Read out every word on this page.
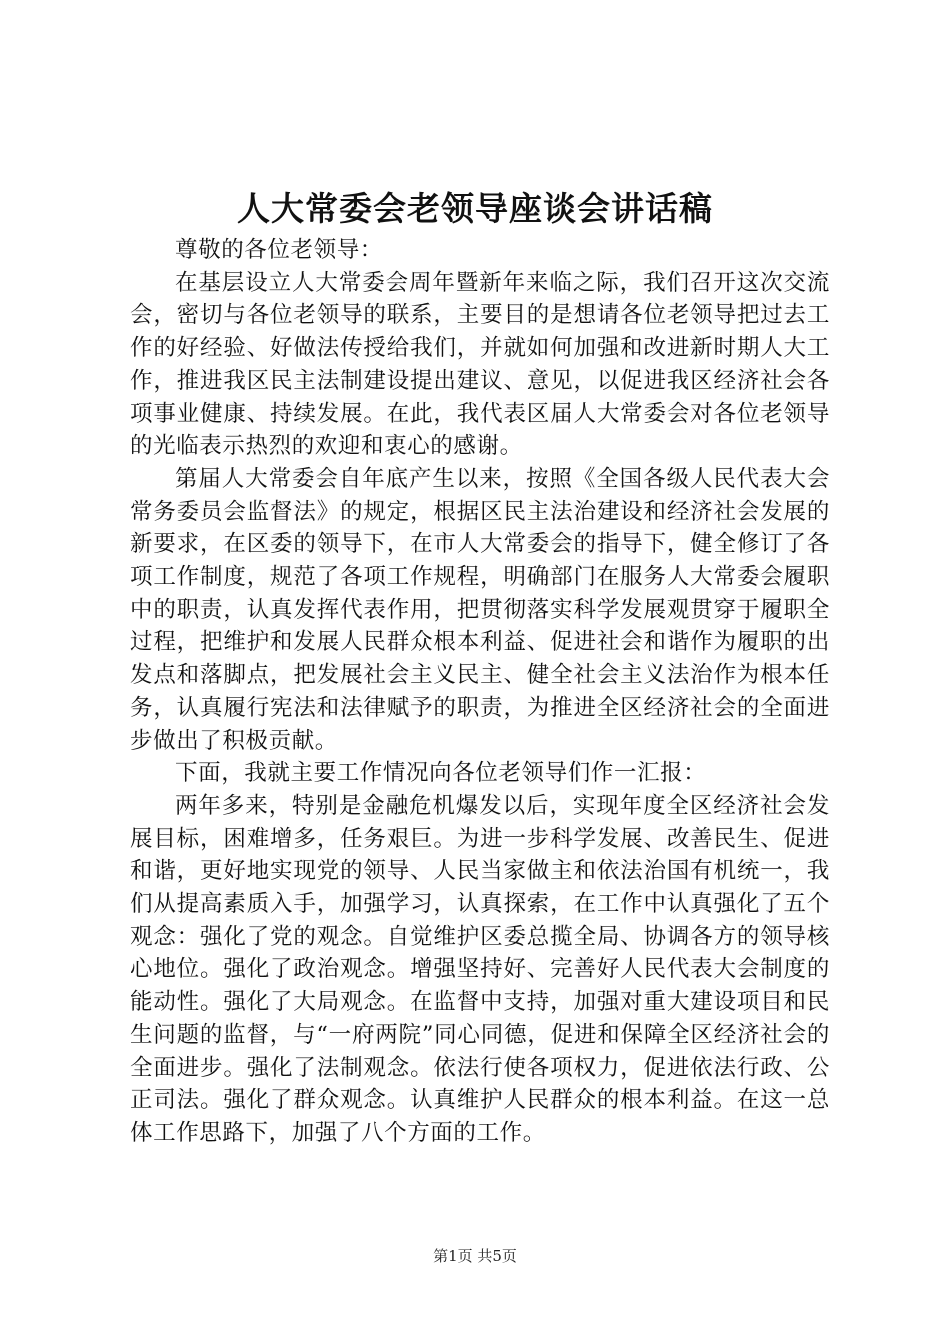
人大常委会老领导座谈会讲话稿

尊敬的各位老领导：

在基层设立人大常委会周年暨新年来临之际，我们召开这次交流会，密切与各位老领导的联系，主要目的是想请各位老领导把过去工作的好经验、好做法传授给我们，并就如何加强和改进新时期人大工作，推进我区民主法制建设提出建议、意见，以促进我区经济社会各项事业健康、持续发展。在此，我代表区届人大常委会对各位老领导的光临表示热烈的欢迎和衷心的感谢。

第届人大常委会自年底产生以来，按照《全国各级人民代表大会常务委员会监督法》的规定，根据区民主法治建设和经济社会发展的新要求，在区委的领导下，在市人大常委会的指导下，健全修订了各项工作制度，规范了各项工作规程，明确部门在服务人大常委会履职中的职责，认真发挥代表作用，把贯彻落实科学发展观贯穿于履职全过程，把维护和发展人民群众根本利益、促进社会和谐作为履职的出发点和落脚点，把发展社会主义民主、健全社会主义法治作为根本任务，认真履行宪法和法律赋予的职责，为推进全区经济社会的全面进步做出了积极贡献。

下面，我就主要工作情况向各位老领导们作一汇报：

两年多来，特别是金融危机爆发以后，实现年度全区经济社会发展目标，困难增多，任务艰巨。为进一步科学发展、改善民生、促进和谐，更好地实现党的领导、人民当家做主和依法治国有机统一，我们从提高素质入手，加强学习，认真探索，在工作中认真强化了五个观念：强化了党的观念。自觉维护区委总揽全局、协调各方的领导核心地位。强化了政治观念。增强坚持好、完善好人民代表大会制度的能动性。强化了大局观念。在监督中支持，加强对重大建设项目和民生问题的监督，与“一府两院”同心同德，促进和保障全区经济社会的全面进步。强化了法制观念。依法行使各项权力，促进依法行政、公正司法。强化了群众观念。认真维护人民群众的根本利益。在这一总体工作思路下，加强了八个方面的工作。

第1页 共5页
